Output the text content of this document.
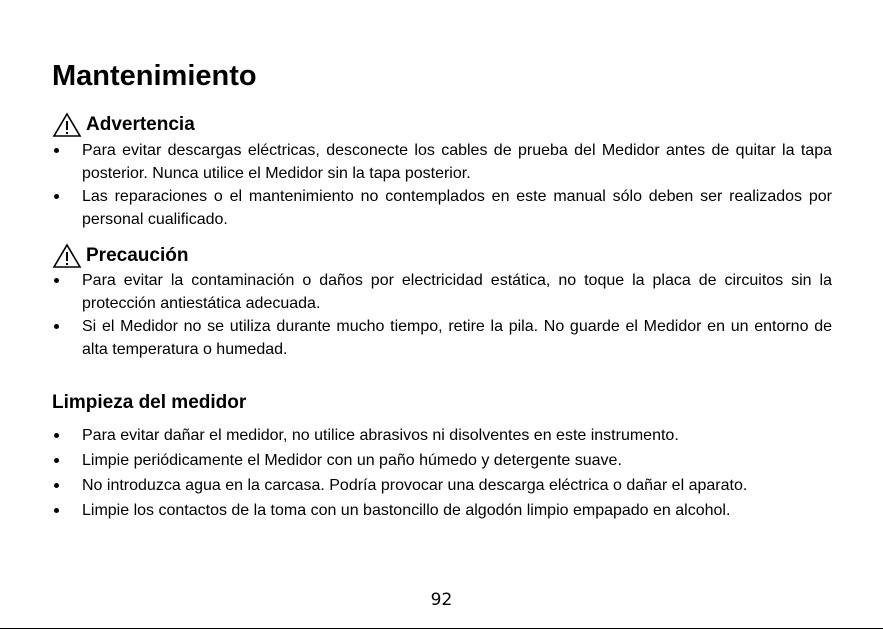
Mantenimiento
Advertencia
Para evitar descargas eléctricas, desconecte los cables de prueba del Medidor antes de quitar la tapa posterior. Nunca utilice el Medidor sin la tapa posterior.
Las reparaciones o el mantenimiento no contemplados en este manual sólo deben ser realizados por personal cualificado.
Precaución
Para evitar la contaminación o daños por electricidad estática, no toque la placa de circuitos sin la protección antiestática adecuada.
Si el Medidor no se utiliza durante mucho tiempo, retire la pila. No guarde el Medidor en un entorno de alta temperatura o humedad.
Limpieza del medidor
Para evitar dañar el medidor, no utilice abrasivos ni disolventes en este instrumento.
Limpie periódicamente el Medidor con un paño húmedo y detergente suave.
No introduzca agua en la carcasa. Podría provocar una descarga eléctrica o dañar el aparato.
Limpie los contactos de la toma con un bastoncillo de algodón limpio empapado en alcohol.
92
